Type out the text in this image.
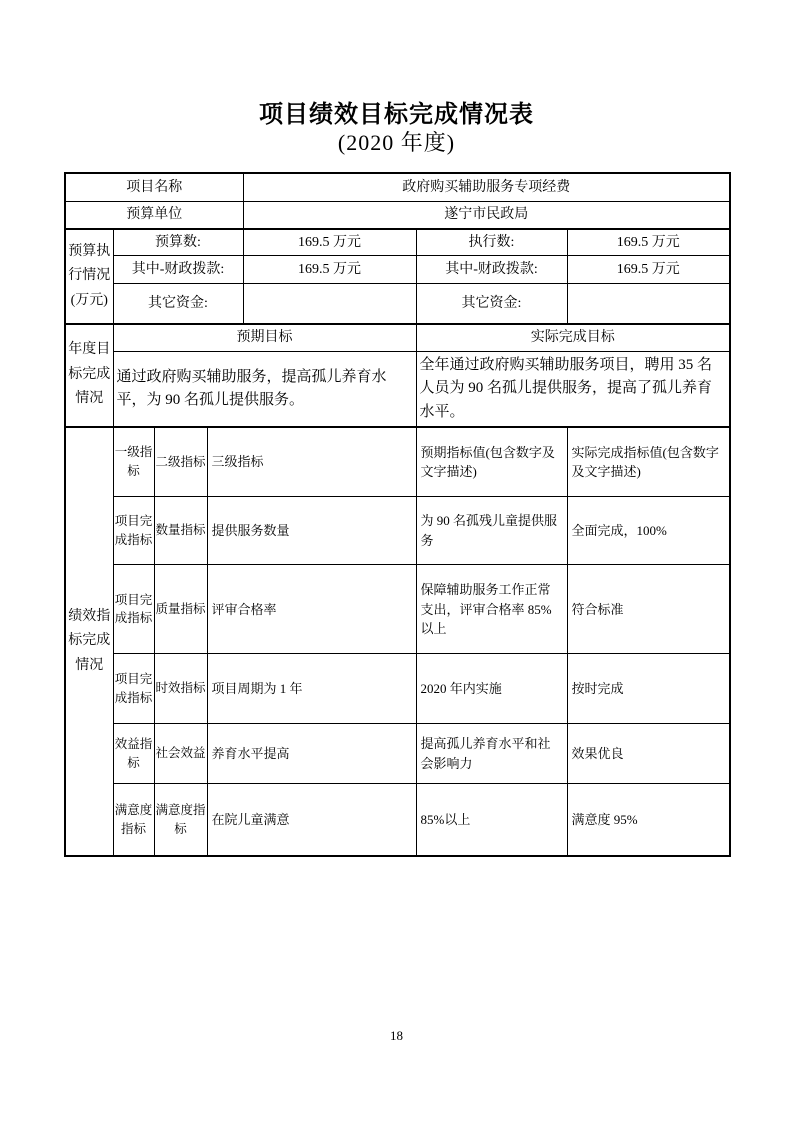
项目绩效目标完成情况表
(2020 年度)
项目名称				政府购买辅助服务专项经费		
预算单位				遂宁市民政局		
预算执行情况(万元)	预算数:			169.5 万元	执行数:	169.5 万元
	其中-财政拨款:			169.5 万元	其中-财政拨款:	169.5 万元
	其它资金:				其它资金:	
年度目标完成情况	预期目标				实际完成目标	
	通过政府购买辅助服务，提高孤儿养育水平，为 90 名孤儿提供服务。				全年通过政府购买辅助服务项目，聘用 35 名人员为 90 名孤儿提供服务，提高了孤儿养育水平。	
绩效指标完成情况	一级指标	二级指标	三级指标		预期指标值(包含数字及文字描述)	实际完成指标值(包含数字及文字描述)
	项目完成指标	数量指标	提供服务数量		为 90 名孤残儿童提供服务	全面完成，100%
	项目完成指标	质量指标	评审合格率		保障辅助服务工作正常支出，评审合格率 85%以上	符合标准
	项目完成指标	时效指标	项目周期为 1 年		2020 年内实施	按时完成
	效益指标	社会效益	养育水平提高		提高孤儿养育水平和社会影响力	效果优良
	满意度指标	满意度指标	在院儿童满意		85%以上	满意度 95%
18
